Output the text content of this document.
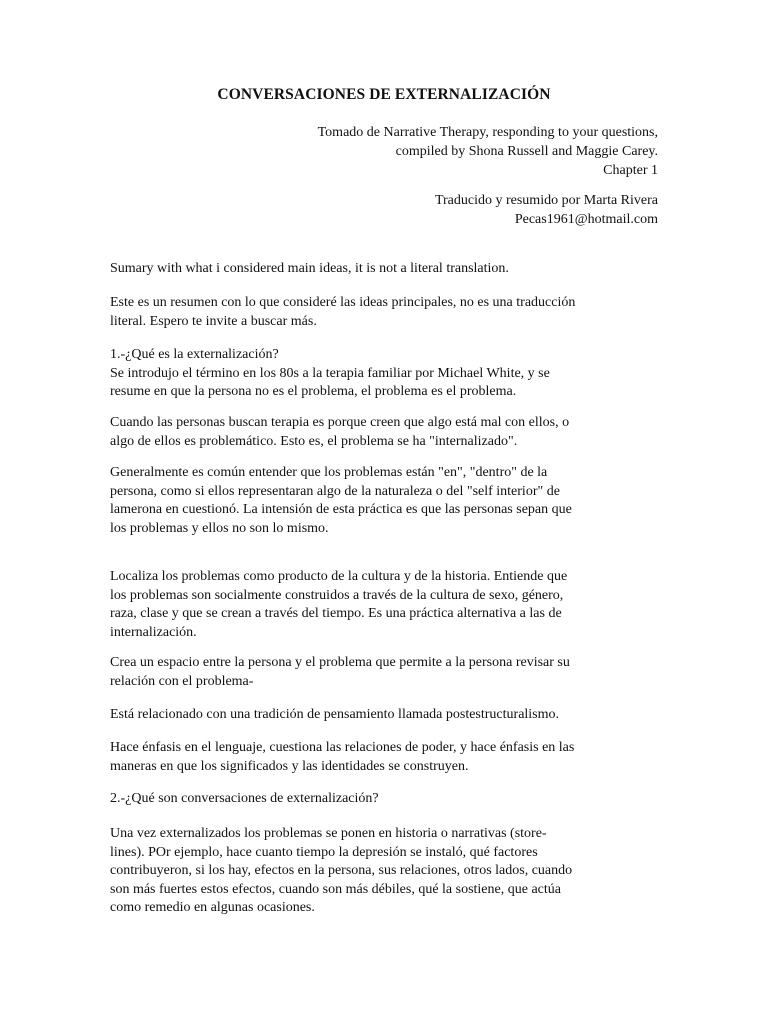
CONVERSACIONES DE EXTERNALIZACIÓN
Tomado de Narrative Therapy, responding to your questions,
compiled by Shona Russell and Maggie Carey.
Chapter 1
Traducido y resumido por Marta Rivera
Pecas1961@hotmail.com

Sumary with what i considered main ideas, it is not a literal translation.

Este es un resumen con lo que consideré las ideas principales, no es una traducción
literal. Espero te invite a buscar más.

1.-¿Qué es la externalización?
Se introdujo el término en los 80s a la terapia familiar por Michael White, y se
resume en que la persona no es el problema, el problema es el problema.

Cuando las personas buscan terapia es porque creen que algo está mal con ellos, o
algo de ellos es problemático. Esto es, el problema se ha "internalizado".

Generalmente es común entender que los problemas están "en", "dentro" de la
persona, como si ellos representaran algo de la naturaleza o del "self interior" de
lamerona en cuestionó. La intensión de esta práctica es que las personas sepan que
los problemas y ellos no son lo mismo.

Localiza los problemas como producto de la cultura y de la historia. Entiende que
los problemas son socialmente construidos a través de la cultura de sexo, género,
raza, clase y que se crean a través del tiempo. Es una práctica alternativa a las de
internalización.

Crea un espacio entre la persona y el problema que permite a la persona revisar su
relación con el problema-

Está relacionado con una tradición de pensamiento llamada postestructuralismo.

Hace énfasis en el lenguaje, cuestiona las relaciones de poder, y hace énfasis en las
maneras en que los significados y las identidades se construyen.

2.-¿Qué son conversaciones de externalización?

Una vez externalizados los problemas se ponen en historia o narrativas (store-
lines). POr ejemplo, hace cuanto tiempo la depresión se instaló, qué factores
contribuyeron, si los hay, efectos en la persona, sus relaciones, otros lados, cuando
son más fuertes estos efectos, cuando son más débiles, qué la sostiene, que actúa
como remedio en algunas ocasiones.
